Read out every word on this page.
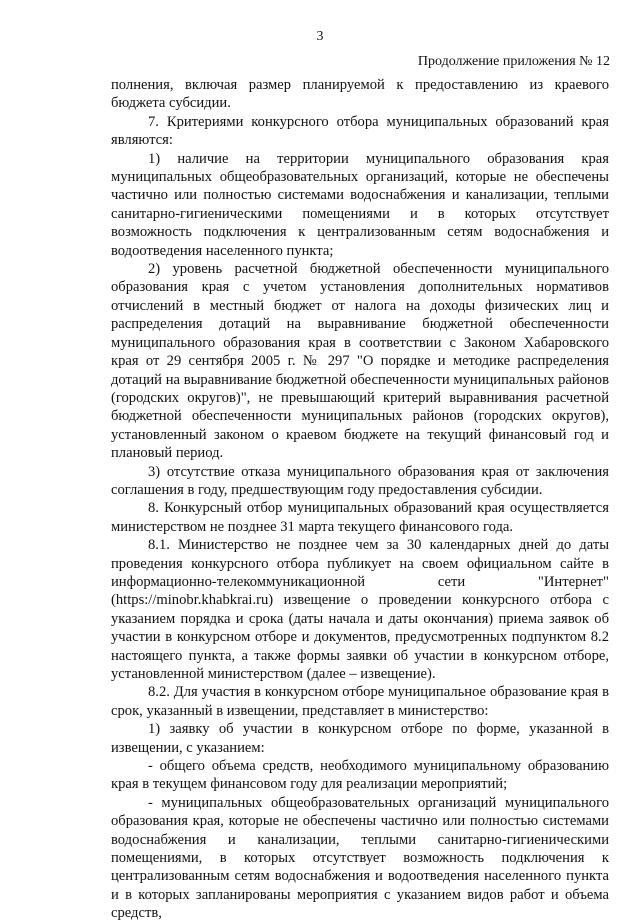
3
Продолжение приложения № 12

полнения, включая размер планируемой к предоставлению из краевого бюджета субсидии.

7. Критериями конкурсного отбора муниципальных образований края являются:

1) наличие на территории муниципального образования края муниципальных общеобразовательных организаций, которые не обеспечены частично или полностью системами водоснабжения и канализации, теплыми санитарно-гигиеническими помещениями и в которых отсутствует возможность подключения к централизованным сетям водоснабжения и водоотведения населенного пункта;

2) уровень расчетной бюджетной обеспеченности муниципального образования края с учетом установления дополнительных нормативов отчислений в местный бюджет от налога на доходы физических лиц и распределения дотаций на выравнивание бюджетной обеспеченности муниципального образования края в соответствии с Законом Хабаровского края от 29 сентября 2005 г. № 297 "О порядке и методике распределения дотаций на выравнивание бюджетной обеспеченности муниципальных районов (городских округов)", не превышающий критерий выравнивания расчетной бюджетной обеспеченности муниципальных районов (городских округов), установленный законом о краевом бюджете на текущий финансовый год и плановый период.

3) отсутствие отказа муниципального образования края от заключения соглашения в году, предшествующим году предоставления субсидии.

8. Конкурсный отбор муниципальных образований края осуществляется министерством не позднее 31 марта текущего финансового года.

8.1. Министерство не позднее чем за 30 календарных дней до даты проведения конкурсного отбора публикует на своем официальном сайте в информационно-телекоммуникационной сети "Интернет" (https://minobr.khabkrai.ru) извещение о проведении конкурсного отбора с указанием порядка и срока (даты начала и даты окончания) приема заявок об участии в конкурсном отборе и документов, предусмотренных подпунктом 8.2 настоящего пункта, а также формы заявки об участии в конкурсном отборе, установленной министерством (далее – извещение).

8.2. Для участия в конкурсном отборе муниципальное образование края в срок, указанный в извещении, представляет в министерство:

1) заявку об участии в конкурсном отборе по форме, указанной в извещении, с указанием:

- общего объема средств, необходимого муниципальному образованию края в текущем финансовом году для реализации мероприятий;

- муниципальных общеобразовательных организаций муниципального образования края, которые не обеспечены частично или полностью системами водоснабжения и канализации, теплыми санитарно-гигиеническими помещениями, в которых отсутствует возможность подключения к централизованным сетям водоснабжения и водоотведения населенного пункта и в которых запланированы мероприятия с указанием видов работ и объема средств,
